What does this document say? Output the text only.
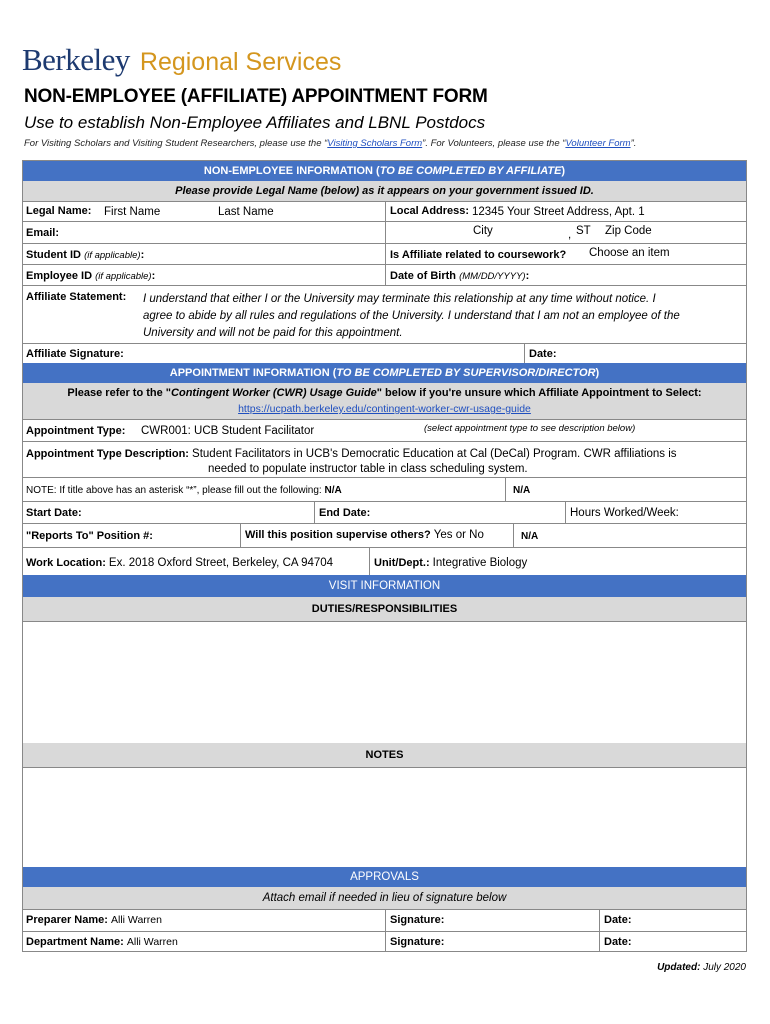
Berkeley Regional Services
NON-EMPLOYEE (AFFILIATE) APPOINTMENT FORM
Use to establish Non-Employee Affiliates and LBNL Postdocs
For Visiting Scholars and Visiting Student Researchers, please use the “Visiting Scholars Form”. For Volunteers, please use the “Volunteer Form”.
NON-EMPLOYEE INFORMATION (TO BE COMPLETED BY AFFILIATE)
Please provide Legal Name (below) as it appears on your government issued ID.
Legal Name: First Name	Last Name	Local Address: 12345 Your Street Address, Apt. 1
Email:	City	, ST Zip Code
Student ID (if applicable):	Is Affiliate related to coursework? Choose an item
Employee ID (if applicable):	Date of Birth (MM/DD/YYYY):
Affiliate Statement: I understand that either I or the University may terminate this relationship at any time without notice. I
agree to abide by all rules and regulations of the University. I understand that I am not an employee of the
University and will not be paid for this appointment.
Affiliate Signature:	Date:
APPOINTMENT INFORMATION (TO BE COMPLETED BY SUPERVISOR/DIRECTOR)
Please refer to the "Contingent Worker (CWR) Usage Guide" below if you're unsure which Affiliate Appointment to Select:
https://ucpath.berkeley.edu/contingent-worker-cwr-usage-guide
Appointment Type: CWR001: UCB Student Facilitator	(select appointment type to see description below)
Appointment Type Description: Student Facilitators in UCB's Democratic Education at Cal (DeCal) Program. CWR affiliations is
needed to populate instructor table in class scheduling system.
NOTE: If title above has an asterisk “*”, please fill out the following: N/A	N/A
Start Date:	End Date:	Hours Worked/Week:
"Reports To" Position #:	Will this position supervise others? Yes or No	N/A
Work Location: Ex. 2018 Oxford Street, Berkeley, CA 94704	Unit/Dept.: Integrative Biology
VISIT INFORMATION
DUTIES/RESPONSIBILITIES
NOTES
APPROVALS
Attach email if needed in lieu of signature below
Preparer Name: Alli Warren	Signature:	Date:
Department Name: Alli Warren	Signature:	Date:
Updated: July 2020
